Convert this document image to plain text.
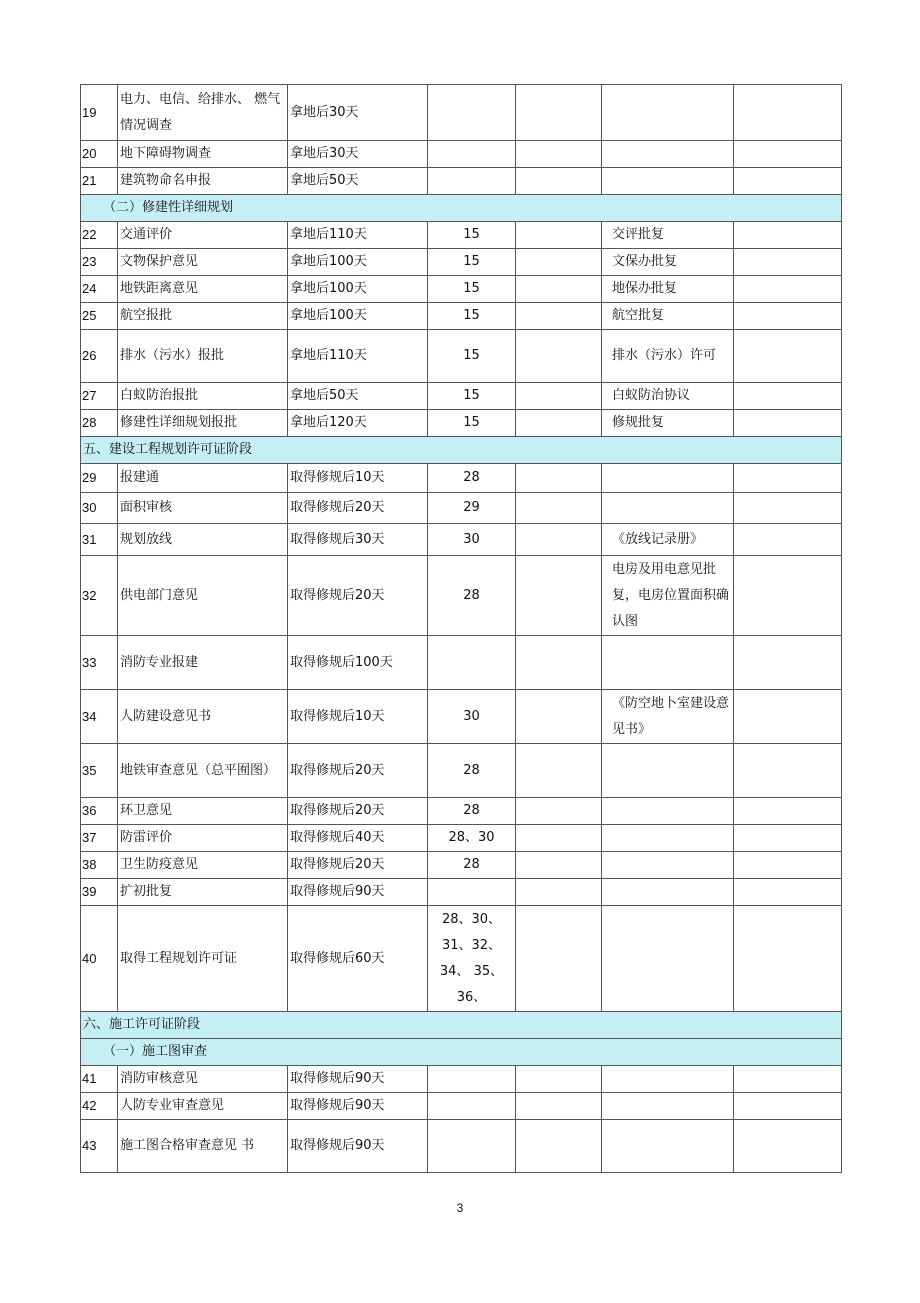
19	电力、电信、给排水、 燃气情况调查	拿地后30天				
20	地下障碍物调查	拿地后30天				
21	建筑物命名申报	拿地后50天				
（二）修建性详细规划						
22	交通评价	拿地后110天	15		交评批复	
23	文物保护意见	拿地后100天	15		文保办批复	
24	地铁距离意见	拿地后100天	15		地保办批复	
25	航空报批	拿地后100天	15		航空批复	
26	排水（污水）报批	拿地后110天	15		排水（污水）许可	
27	白蚁防治报批	拿地后50天	15		白蚁防治协议	
28	修建性详细规划报批	拿地后120天	15		修规批复	
五、建设工程规划许可证阶段						
29	报建通	取得修规后10天	28			
30	面积审核	取得修规后20天	29			
31	规划放线	取得修规后30天	30		《放线记录册》	
32	供电部门意见	取得修规后20天	28		电房及用电意见批复，电房位置面积确认图	
33	消防专业报建	取得修规后100天				
34	人防建设意见书	取得修规后10天	30		《防空地卜室建设意见书》	
35	地铁审查意见（总平囿图）	取得修规后20天	28			
36	环卫意见	取得修规后20天	28			
37	防雷评价	取得修规后40天	28、30			
38	卫生防疫意见	取得修规后20天	28			
39	扩初批复	取得修规后90天				
40	取得工程规划许可证	取得修规后60天	28、30、31、32、34、 35、36、			
六、施工许可证阶段						
（一）施工图审查						
41	消防审核意见	取得修规后90天				
42	人防专业审查意见	取得修规后90天				
43	施工图合格审查意见 书	取得修规后90天				
3
